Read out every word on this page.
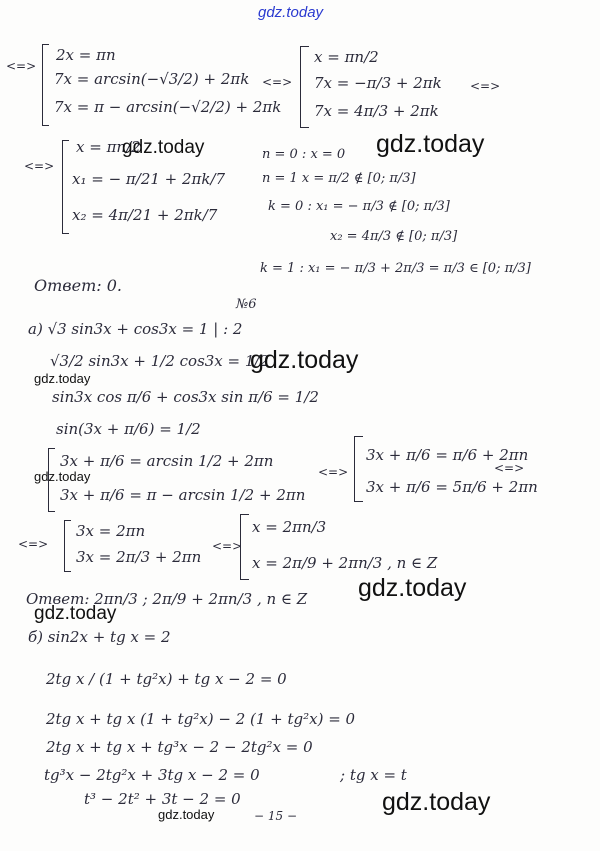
gdz.today
<=>
2x = πn
7x = arcsin(−√3/2) + 2πk
7x = π − arcsin(−√2/2) + 2πk
<=>
x = πn/2
7x = −π/3 + 2πk
7x = 4π/3 + 2πk
<=>
<=>
x = πn/2
x₁ = − π/21 + 2πk/7
x₂ = 4π/21 + 2πk/7
gdz.today	n = 0 : x = 0
n = 1 x = π/2 ∉ [0; π/3]
k = 0 : x₁ = − π/3 ∉ [0; π/3]
x₂ = 4π/3 ∉ [0; π/3]
k = 1 : x₁ = − π/3 + 2π/3 = π/3 ∈ [0; π/3]
gdz.today
Ответ: 0.
№6
а) √3 sin3x + cos3x = 1 | : 2
√3/2 sin3x + 1/2 cos3x = 1/2
gdz.today
gdz.today
sin3x cos π/6 + cos3x sin π/6 = 1/2
sin(3x + π/6) = 1/2
gdz.today
3x + π/6 = arcsin 1/2 + 2πn
3x + π/6 = π − arcsin 1/2 + 2πn
<=>
3x + π/6 = π/6 + 2πn
3x + π/6 = 5π/6 + 2πn
<=>
<=>
3x = 2πn
3x = 2π/3 + 2πn
<=>
x = 2πn/3
x = 2π/9 + 2πn/3 , n ∈ Z
Ответ: 2πn/3 ; 2π/9 + 2πn/3 , n ∈ Z gdz.today
gdz.today
б) sin2x + tg x = 2
2tg x / (1 + tg²x) + tg x − 2 = 0
2tg x + tg x (1 + tg²x) − 2 (1 + tg²x) = 0
2tg x + tg x + tg³x − 2 − 2tg²x = 0
tg³x − 2tg²x + 3tg x − 2 = 0	; tg x = t
t³ − 2t² + 3t − 2 = 0	gdz.today
gdz.today	− 15 −
